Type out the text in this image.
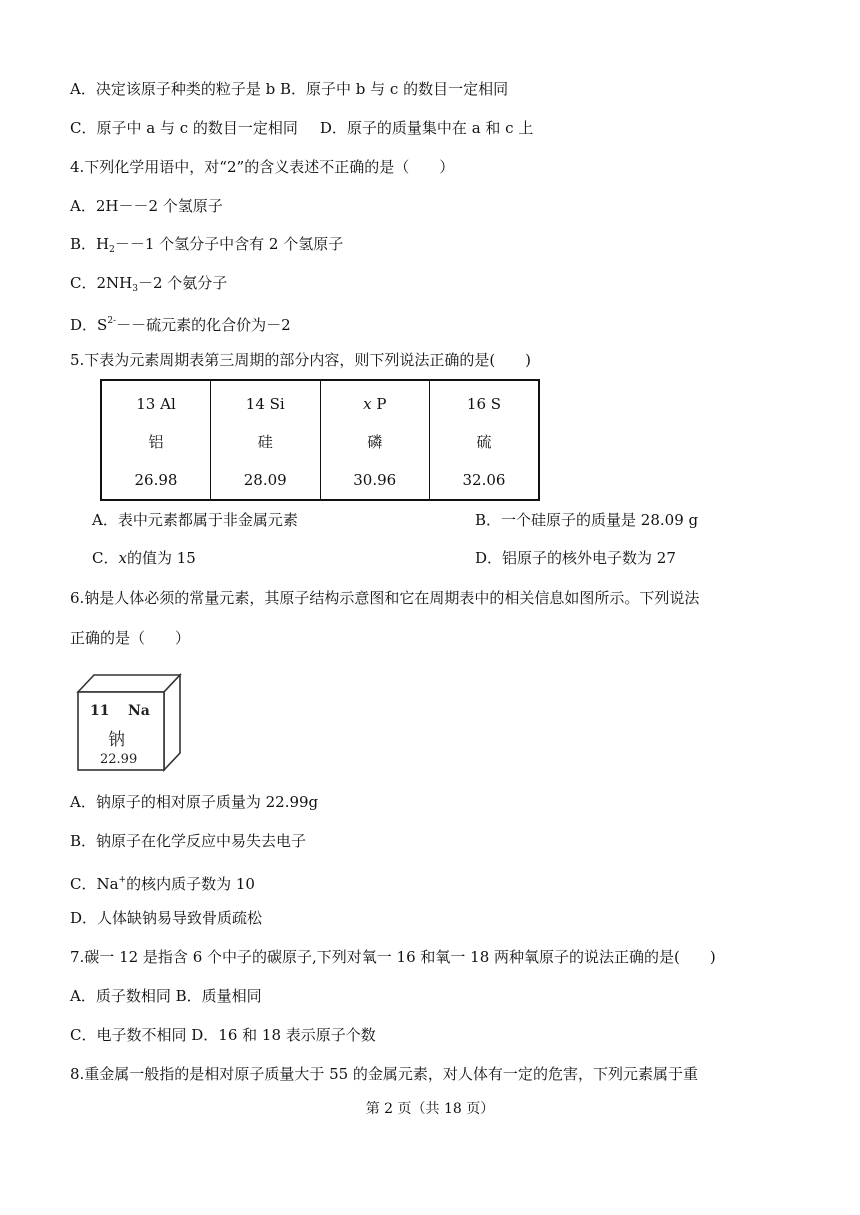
A．决定该原子种类的粒子是 b B．原子中 b 与 c 的数目一定相同
C．原子中 a 与 c 的数目一定相同 D．原子的质量集中在 a 和 c 上
4.下列化学用语中，对“2”的含义表述不正确的是（ ）
A．2H－－2 个氢原子
B．$H_2--1$ 个氢分子中含有 2 个氢原子
C．$2NH_3-2$ 个氨分子
D．$S^{2-}--$硫元素的化合价为－2
5.下表为元素周期表第三周期的部分内容，则下列说法正确的是( )
13 Al
铝
26.98

14 Si
硅
28.09

x P
磷
30.96

16 S
硫
32.06
A．表中元素都属于非金属元素	B．一个硅原子的质量是 28.09 g
C．x的值为 15	D．铝原子的核外电子数为 27
6.钠是人体必须的常量元素，其原子结构示意图和它在周期表中的相关信息如图所示。下列说法
正确的是（ ）
11 Na
钠
22.99
A．钠原子的相对原子质量为 22.99g
B．钠原子在化学反应中易失去电子
C．Na+的核内质子数为 10
D．人体缺钠易导致骨质疏松
7.碳一 12 是指含 6 个中子的碳原子,下列对氧一 16 和氧一 18 两种氧原子的说法正确的是( )
A．质子数相同 B．质量相同
C．电子数不相同 D．16 和 18 表示原子个数
8.重金属一般指的是相对原子质量大于 55 的金属元素，对人体有一定的危害，下列元素属于重
第 2 页（共 18 页）
